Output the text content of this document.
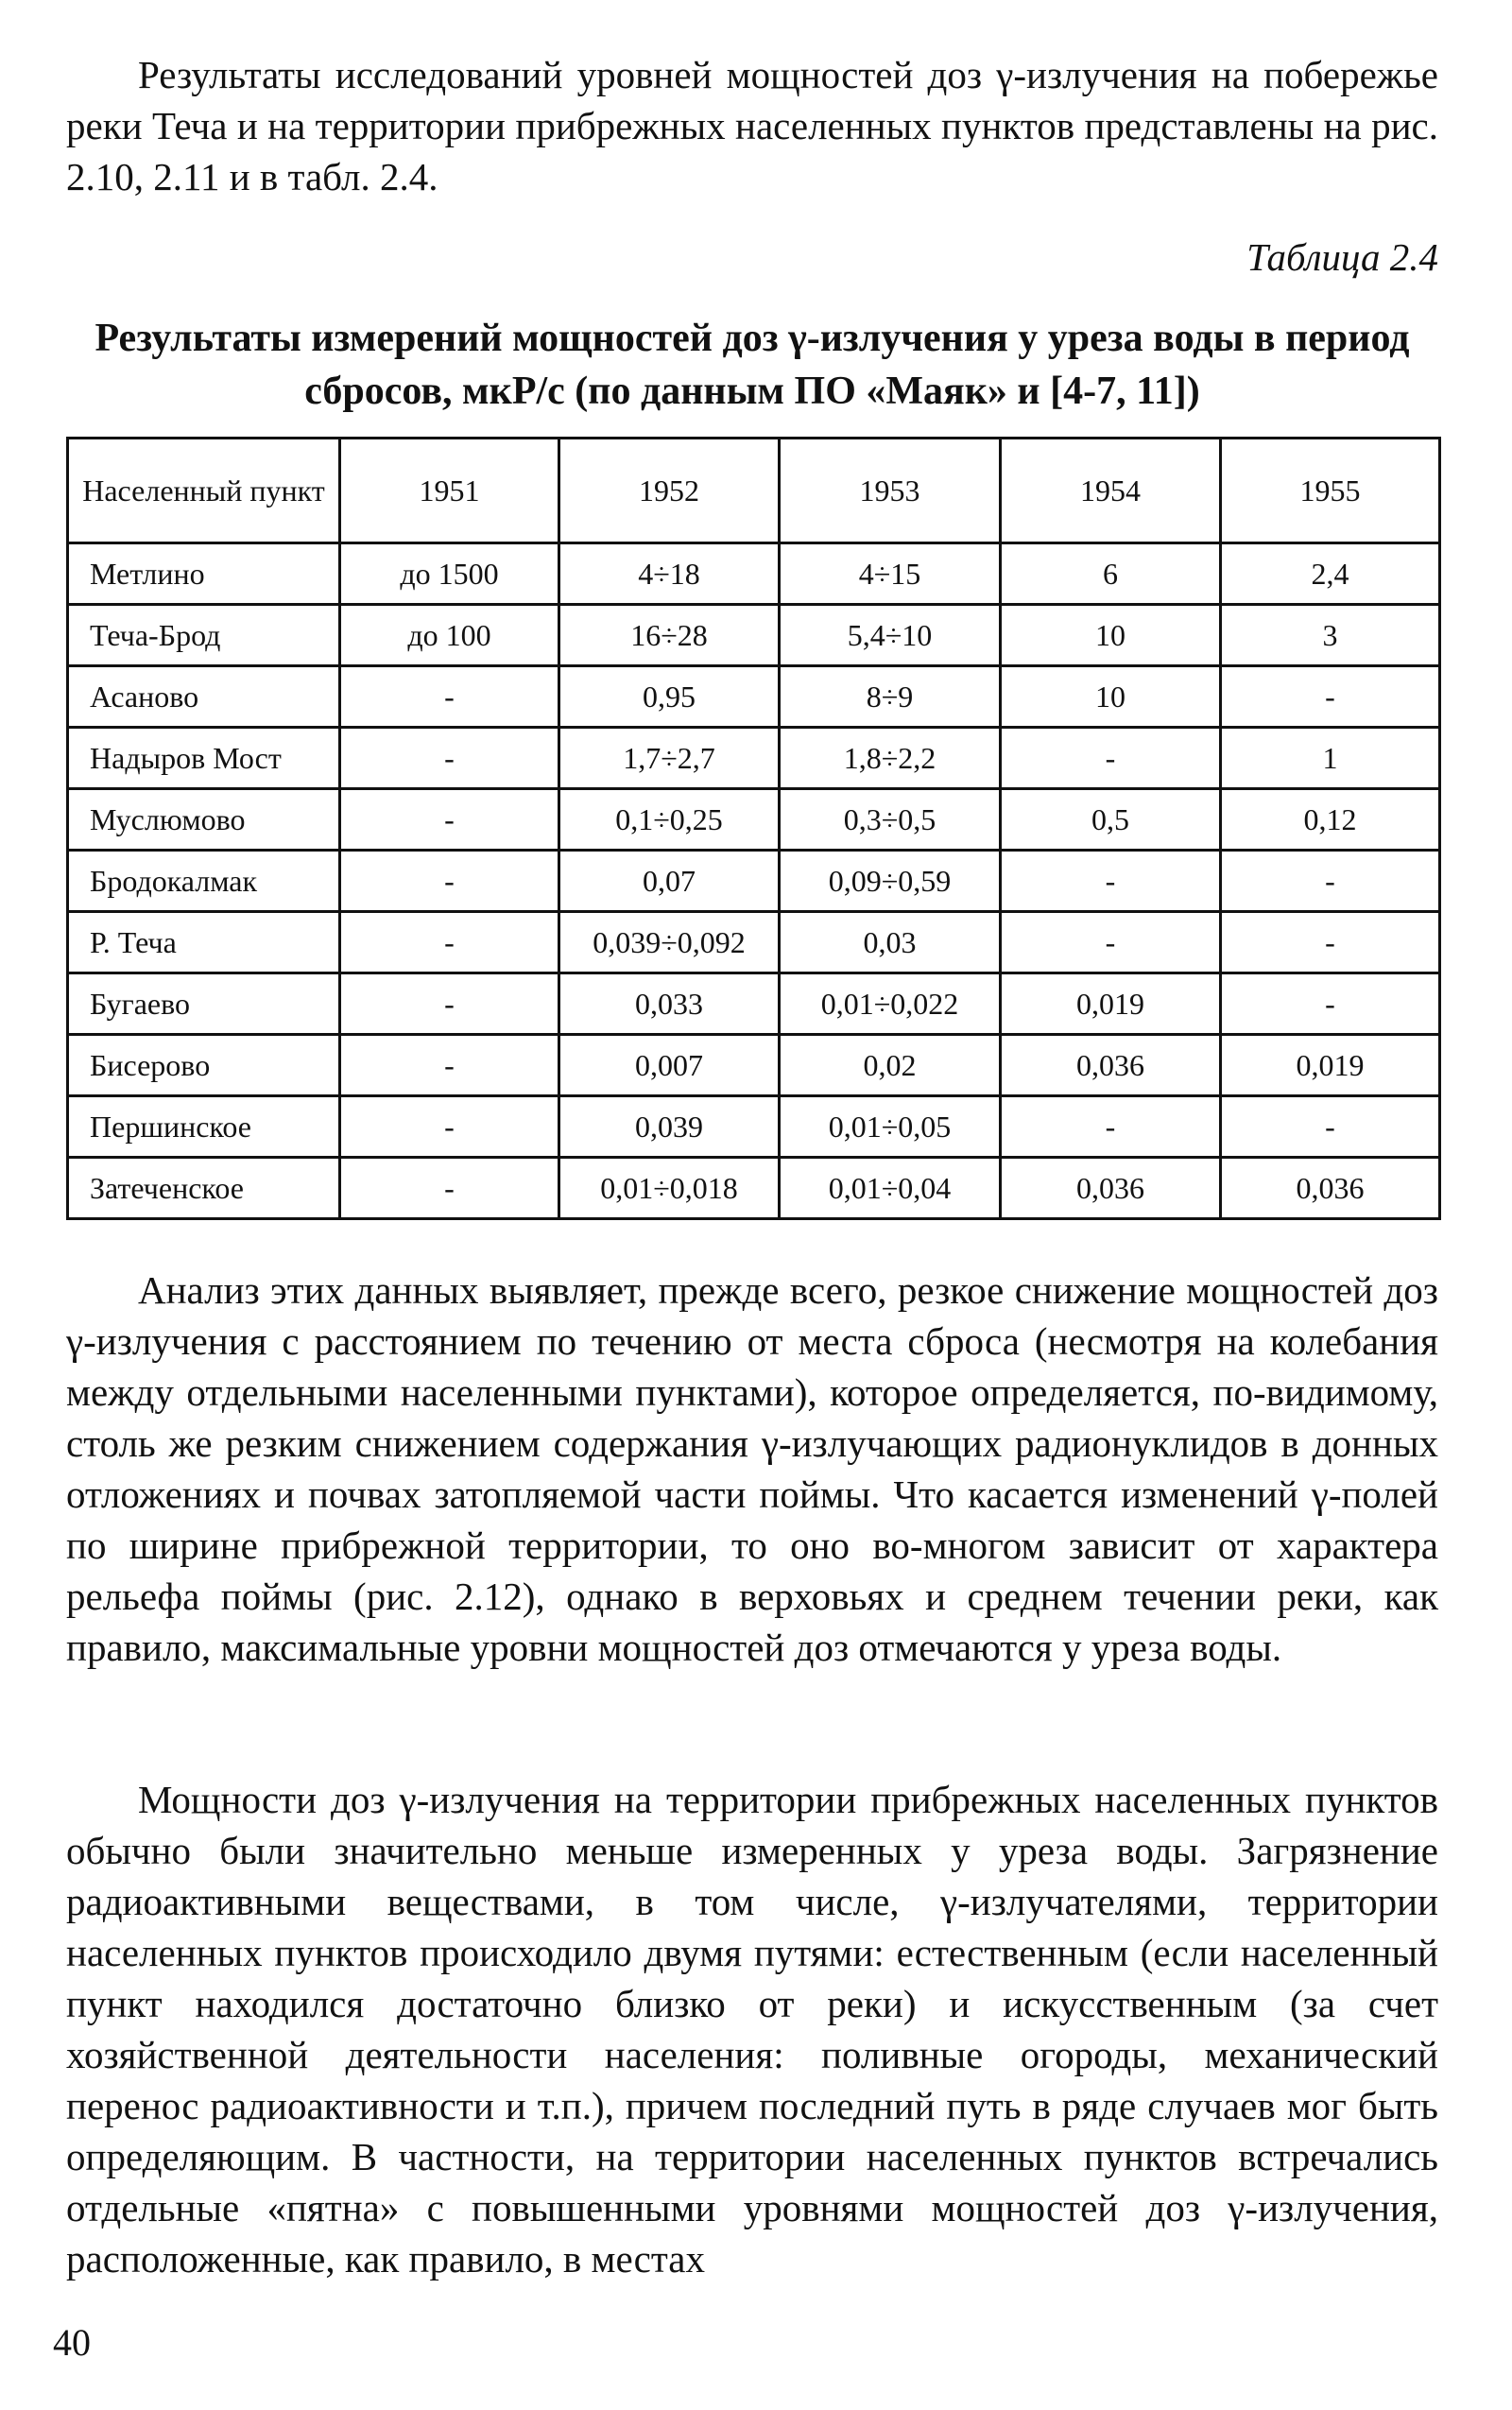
Результаты исследований уровней мощностей доз γ-излучения на побережье реки Теча и на территории прибрежных населенных пунктов представлены на рис. 2.10, 2.11 и в табл. 2.4.

Таблица 2.4

Результаты измерений мощностей доз γ-излучения у уреза воды в период сбросов, мкР/с (по данным ПО «Маяк» и [4-7, 11])

Населенный пункт	1951	1952	1953	1954	1955
Метлино	до 1500	4÷18	4÷15	6	2,4
Теча-Брод	до 100	16÷28	5,4÷10	10	3
Асаново	-	0,95	8÷9	10	-
Надыров Мост	-	1,7÷2,7	1,8÷2,2	-	1
Муслюмово	-	0,1÷0,25	0,3÷0,5	0,5	0,12
Бродокалмак	-	0,07	0,09÷0,59	-	-
Р. Теча	-	0,039÷0,092	0,03	-	-
Бугаево	-	0,033	0,01÷0,022	0,019	-
Бисерово	-	0,007	0,02	0,036	0,019
Першинское	-	0,039	0,01÷0,05	-	-
Затеченское	-	0,01÷0,018	0,01÷0,04	0,036	0,036

Анализ этих данных выявляет, прежде всего, резкое снижение мощностей доз γ-излучения с расстоянием по течению от места сброса (несмотря на колебания между отдельными населенными пунктами), которое определяется, по-видимому, столь же резким снижением содержания γ-излучающих радионуклидов в донных отложениях и почвах затопляемой части поймы. Что касается изменений γ-полей по ширине прибрежной территории, то оно во-многом зависит от характера рельефа поймы (рис. 2.12), однако в верховьях и среднем течении реки, как правило, максимальные уровни мощностей доз отмечаются у уреза воды.

Мощности доз γ-излучения на территории прибрежных населенных пунктов обычно были значительно меньше измеренных у уреза воды. Загрязнение радиоактивными веществами, в том числе, γ-излучателями, территории населенных пунктов происходило двумя путями: естественным (если населенный пункт находился достаточно близко от реки) и искусственным (за счет хозяйственной деятельности населения: поливные огороды, механический перенос радиоактивности и т.п.), причем последний путь в ряде случаев мог быть определяющим. В частности, на территории населенных пунктов встречались отдельные «пятна» с повышенными уровнями мощностей доз γ-излучения, расположенные, как правило, в местах

40
